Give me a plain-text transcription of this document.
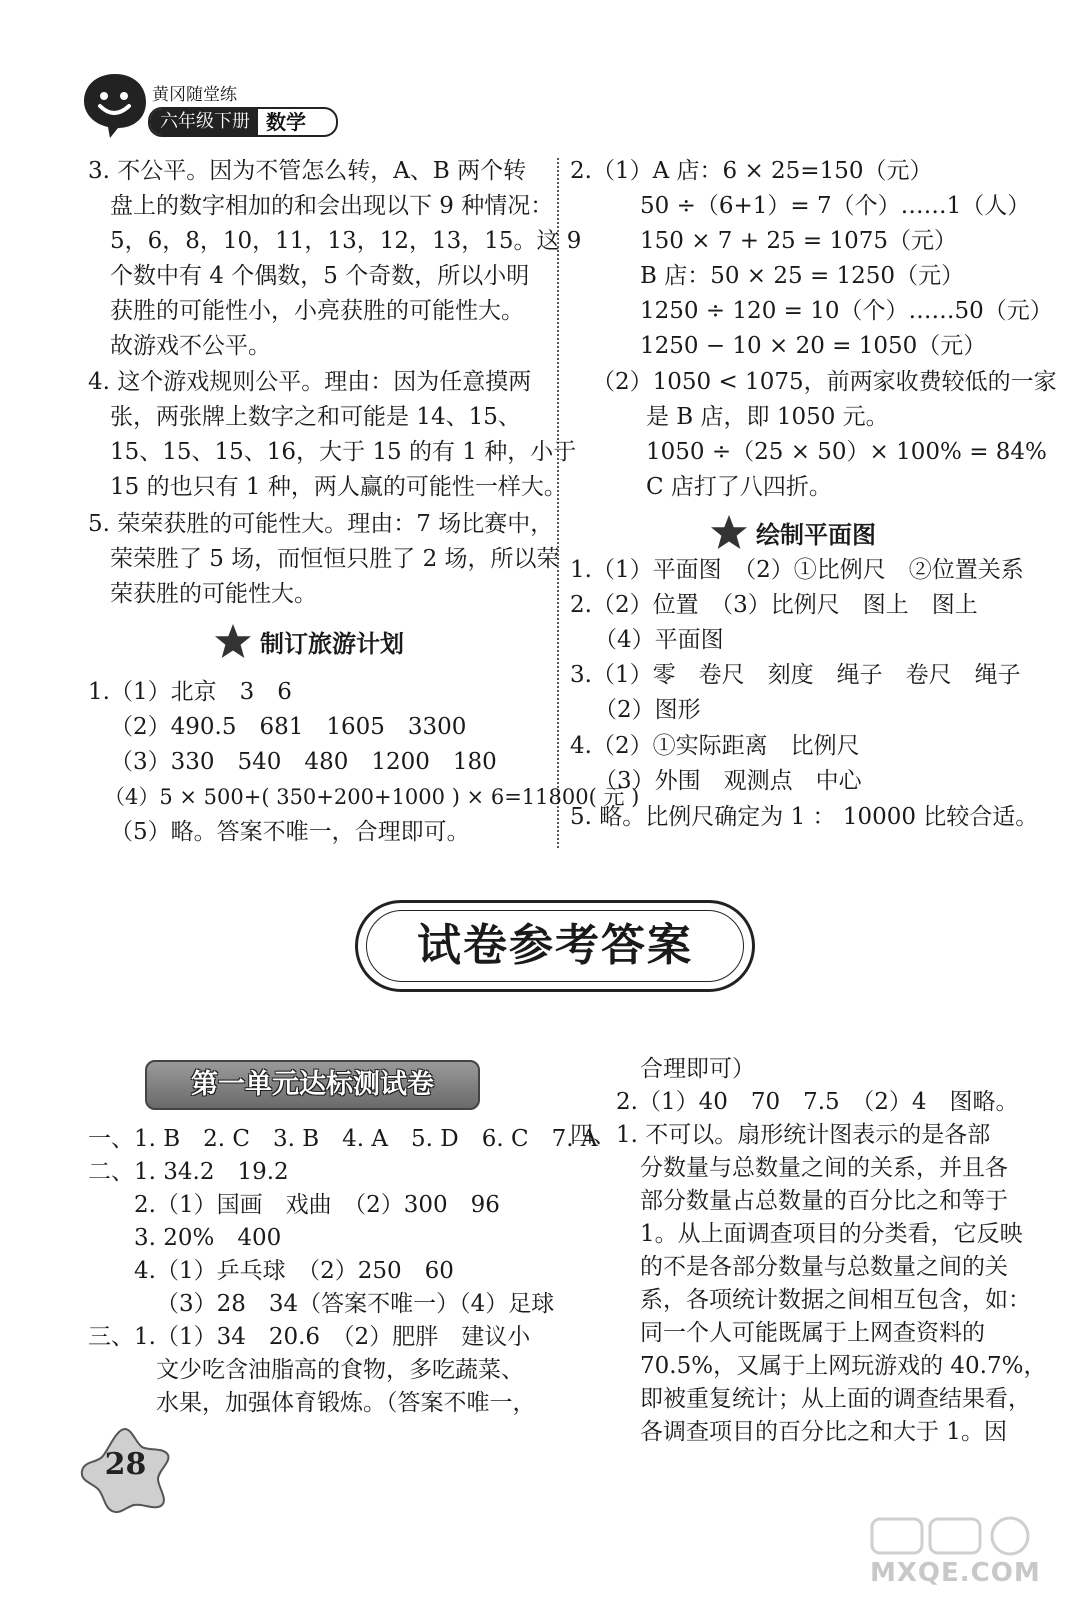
黄冈随堂练
六年级下册 数学
3. 不公平。因为不管怎么转，A、B 两个转
盘上的数字相加的和会出现以下 9 种情况：
5，6，8，10，11，13，12，13，15。这 9
个数中有 4 个偶数，5 个奇数，所以小明
获胜的可能性小，小亮获胜的可能性大。
故游戏不公平。
4. 这个游戏规则公平。理由：因为任意摸两
张，两张牌上数字之和可能是 14、15、
15、15、15、16，大于 15 的有 1 种，小于
15 的也只有 1 种，两人赢的可能性一样大。
5. 荣荣获胜的可能性大。理由：7 场比赛中，
荣荣胜了 5 场，而恒恒只胜了 2 场，所以荣
荣获胜的可能性大。
制订旅游计划
1.（1）北京　3　6
（2）490.5　681　1605　3300
（3）330　540　480　1200　180
（4）5 × 500+( 350+200+1000 ) × 6=11800( 元 )
（5）略。答案不唯一，合理即可。
2.（1）A 店：6 × 25=150（元）
50 ÷（6+1）= 7（个）……1（人）
150 × 7 + 25 = 1075（元）
B 店：50 × 25 = 1250（元）
1250 ÷ 120 = 10（个）……50（元）
1250 − 10 × 20 = 1050（元）
（2）1050 < 1075，前两家收费较低的一家
是 B 店，即 1050 元。
1050 ÷（25 × 50）× 100% = 84%
C 店打了八四折。
绘制平面图
1.（1）平面图　（2）①比例尺　②位置关系
2.（2）位置　（3）比例尺　图上　图上
（4）平面图
3.（1）零　卷尺　刻度　绳子　卷尺　绳子
（2）图形
4.（2）①实际距离　比例尺
（3）外围　观测点　中心
5. 略。比例尺确定为 1 ： 10000 比较合适。
试卷参考答案
第一单元达标测试卷
一、1. B　2. C　3. B　4. A　5. D　6. C　7. A
二、1. 34.2　19.2
2.（1）国画　戏曲　（2）300　96
3. 20%　400
4.（1）乒乓球　（2）250　60
（3）28　34（答案不唯一）（4）足球
三、1.（1）34　20.6　（2）肥胖　建议小
文少吃含油脂高的食物，多吃蔬菜、
水果，加强体育锻炼。（答案不唯一，
合理即可）
2.（1）40　70　7.5　（2）4　图略。
四、1. 不可以。扇形统计图表示的是各部
分数量与总数量之间的关系，并且各
部分数量占总数量的百分比之和等于
1。从上面调查项目的分类看，它反映
的不是各部分数量与总数量之间的关
系，各项统计数据之间相互包含，如：
同一个人可能既属于上网查资料的
70.5%，又属于上网玩游戏的 40.7%，
即被重复统计；从上面的调查结果看，
各调查项目的百分比之和大于 1。因
28
MXQE.COM
